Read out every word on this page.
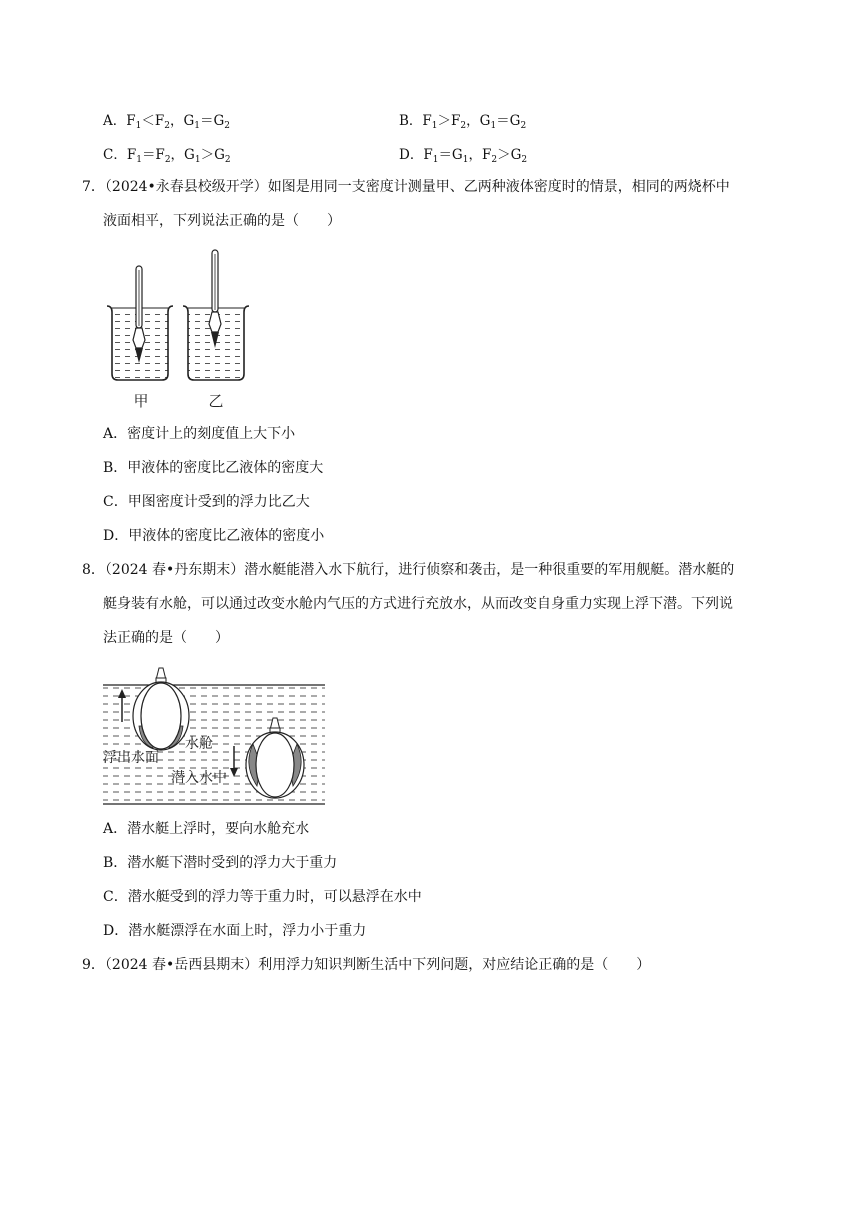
A．$F_1<F_2$，$G_1=G_2$	B．$F_1>F_2$，$G_1=G_2$
C．$F_1=F_2$，$G_1>G_2$	D．$F_1=G_1$，$F_2>G_2$
7．（2024•永春县校级开学）如图是用同一支密度计测量甲、乙两种液体密度时的情景，相同的两烧杯中
液面相平，下列说法正确的是（　　）
甲	乙
A．密度计上的刻度值上大下小
B．甲液体的密度比乙液体的密度大
C．甲图密度计受到的浮力比乙大
D．甲液体的密度比乙液体的密度小
8．（2024 春•丹东期末）潜水艇能潜入水下航行，进行侦察和袭击，是一种很重要的军用舰艇。潜水艇的
艇身装有水舱，可以通过改变水舱内气压的方式进行充放水，从而改变自身重力实现上浮下潜。下列说
法正确的是（　　）
水舱
浮出水面
潜入水中
A．潜水艇上浮时，要向水舱充水
B．潜水艇下潜时受到的浮力大于重力
C．潜水艇受到的浮力等于重力时，可以悬浮在水中
D．潜水艇漂浮在水面上时，浮力小于重力
9．（2024 春•岳西县期末）利用浮力知识判断生活中下列问题，对应结论正确的是（　　）
